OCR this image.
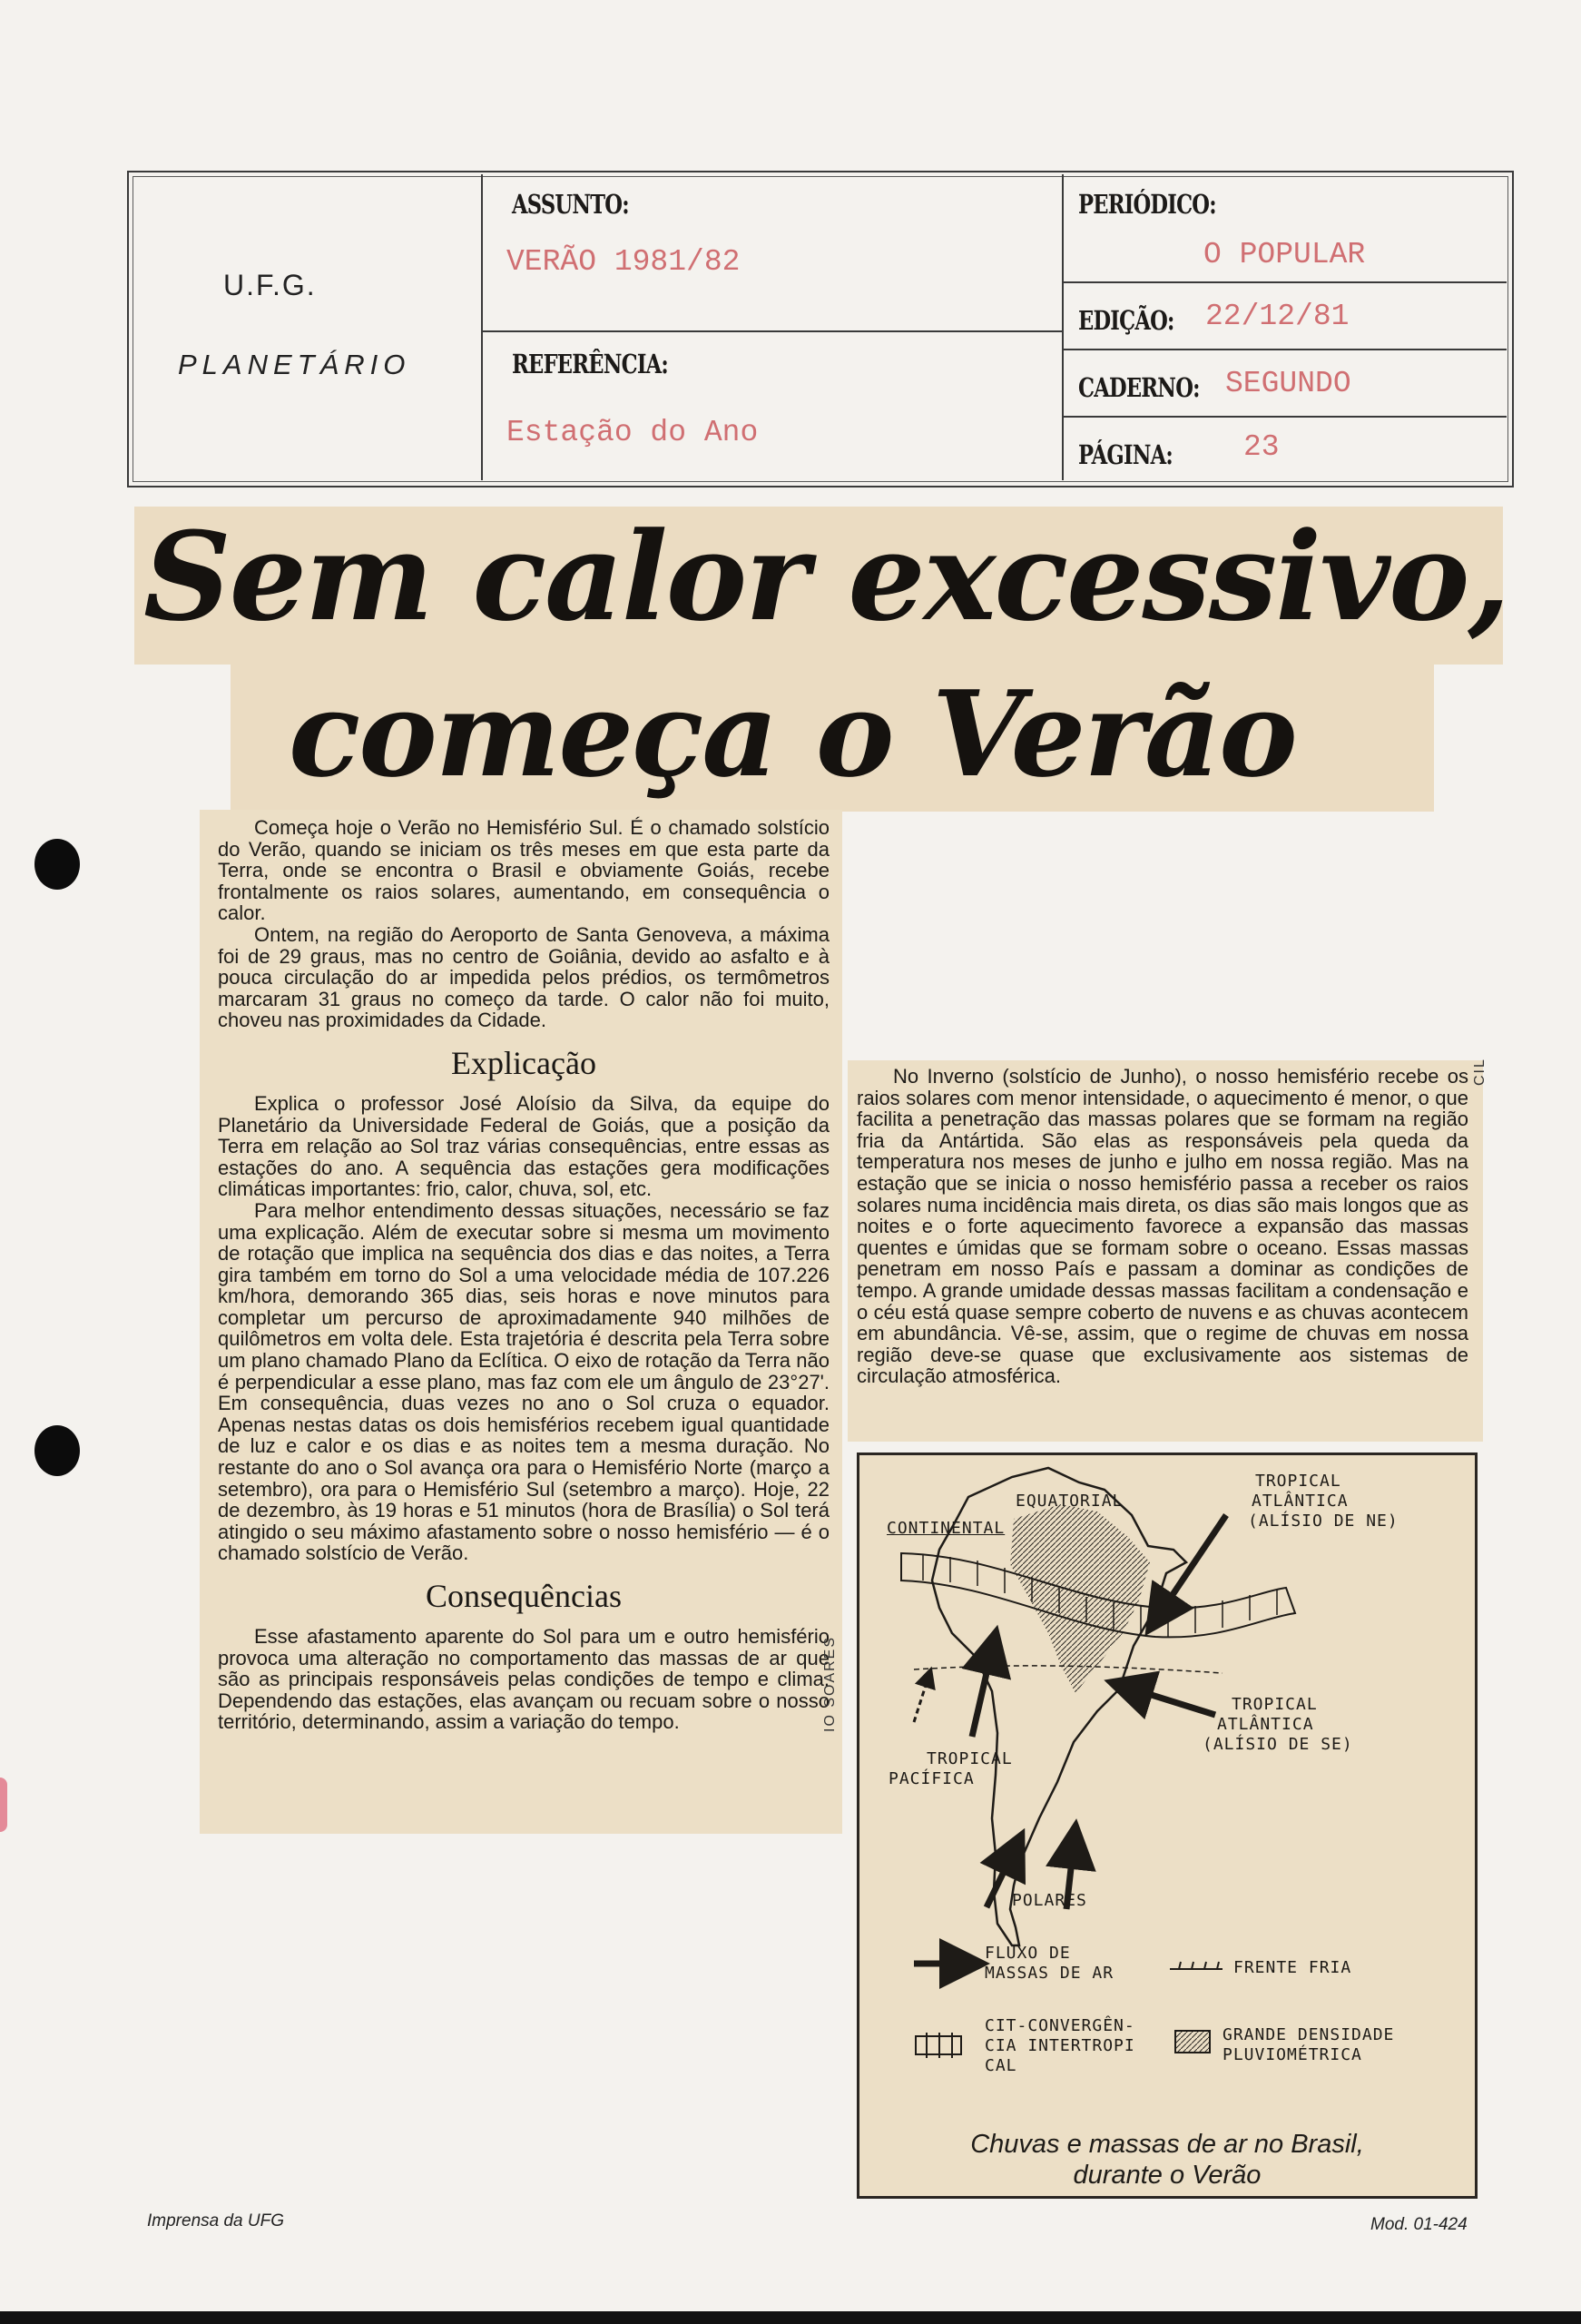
U.F.G.
PLANETÁRIO
ASSUNTO:
VERÃO 1981/82
REFERÊNCIA:
Estação do Ano
PERIÓDICO:
O POPULAR
EDIÇÃO: 22/12/81
CADERNO: SEGUNDO
PÁGINA: 23
Sem calor excessivo,
começa o Verão

Começa hoje o Verão no Hemisfério Sul. É o chamado solstício do Verão, quando se iniciam os três meses em que esta parte da Terra, onde se encontra o Brasil e obviamente Goiás, recebe frontalmente os raios solares, aumentando, em consequência o calor.

Ontem, na região do Aeroporto de Santa Genoveva, a máxima foi de 29 graus, mas no centro de Goiânia, devido ao asfalto e à pouca circulação do ar impedida pelos prédios, os termômetros marcaram 31 graus no começo da tarde. O calor não foi muito, choveu nas proximidades da Cidade.

Explicação

Explica o professor José Aloísio da Silva, da equipe do Planetário da Universidade Federal de Goiás, que a posição da Terra em relação ao Sol traz várias consequências, entre essas as estações do ano. A sequência das estações gera modificações climáticas importantes: frio, calor, chuva, sol, etc.

Para melhor entendimento dessas situações, necessário se faz uma explicação. Além de executar sobre si mesma um movimento de rotação que implica na sequência dos dias e das noites, a Terra gira também em torno do Sol a uma velocidade média de 107.226 km/hora, demorando 365 dias, seis horas e nove minutos para completar um percurso de aproximadamente 940 milhões de quilômetros em volta dele. Esta trajetória é descrita pela Terra sobre um plano chamado Plano da Eclítica. O eixo de rotação da Terra não é perpendicular a esse plano, mas faz com ele um ângulo de 23°27'. Em consequência, duas vezes no ano o Sol cruza o equador. Apenas nestas datas os dois hemisférios recebem igual quantidade de luz e calor e os dias e as noites tem a mesma duração. No restante do ano o Sol avança ora para o Hemisfério Norte (março a setembro), ora para o Hemisfério Sul (setembro a março). Hoje, 22 de dezembro, às 19 horas e 51 minutos (hora de Brasília) o Sol terá atingido o seu máximo afastamento sobre o nosso hemisfério — é o chamado solstício de Verão.

Consequências

Esse afastamento aparente do Sol para um e outro hemisfério provoca uma alteração no comportamento das massas de ar que são as principais responsáveis pelas condições de tempo e clima. Dependendo das estações, elas avançam ou recuam sobre o nosso território, determinando, assim a variação do tempo.	IO SOARES

No Inverno (solstício de Junho), o nosso hemisfério recebe os raios solares com menor intensidade, o aquecimento é menor, o que facilita a penetração das massas polares que se formam na região fria da Antártida. São elas as responsáveis pela queda da temperatura nos meses de junho e julho em nossa região. Mas na estação que se inicia o nosso hemisfério passa a receber os raios solares numa incidência mais direta, os dias são mais longos que as noites e o forte aquecimento favorece a expansão das massas quentes e úmidas que se formam sobre o oceano. Essas massas penetram em nosso País e passam a dominar as condições de tempo. A grande umidade dessas massas facilitam a condensação e o céu está quase sempre coberto de nuvens e as chuvas acontecem em abundância. Vê-se, assim, que o regime de chuvas em nossa região deve-se quase que exclusivamente aos sistemas de circulação atmosférica.

CIL
EQUATORIAL
CONTINENTAL
TROPICAL
ATLÂNTICA
(ALÍSIO DE NE)
TROPICAL
ATLÂNTICA
(ALÍSIO DE SE)
TROPICAL
PACÍFICA
POLARES
FLUXO DE
MASSAS DE AR	FRENTE FRIA
CIT-CONVERGÊN-
CIA INTERTROPI
CAL
GRANDE DENSIDADE
PLUVIOMÉTRICA
Chuvas e massas de ar no Brasil,
durante o Verão
Imprensa da UFG	Mod. 01-424
